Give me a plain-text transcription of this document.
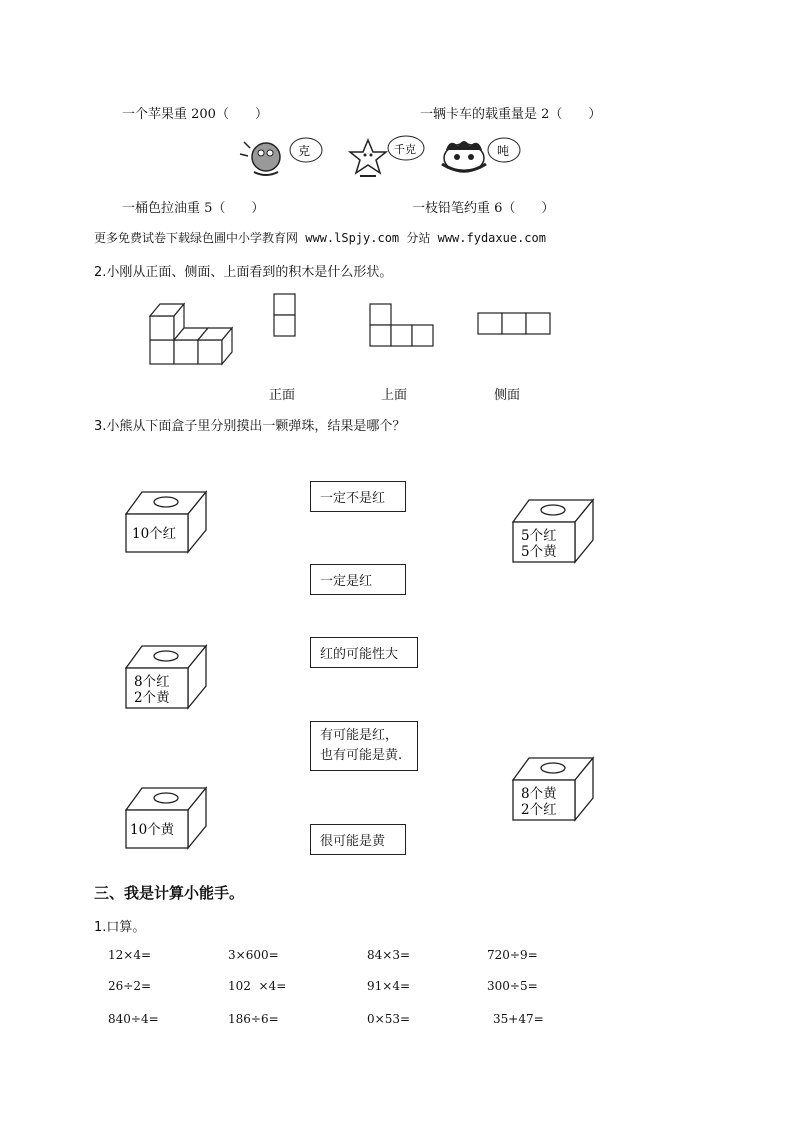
一个苹果重 200（　　）	一辆卡车的载重量是 2（　　）
克	千克	吨
一桶色拉油重 5（　　）	一枝铅笔约重 6（　　）
更多免费试卷下载绿色圃中小学教育网 www.lSpjy.com 分站 www.fydaxue.com
2.小刚从正面、侧面、上面看到的积木是什么形状。
正面	上面	侧面
3.小熊从下面盒子里分别摸出一颗弹珠，结果是哪个？
10个红	5个红
5个黄
8个红
2个黄
8个黄
2个红
10个黄
一定不是红
一定是红
红的可能性大
有可能是红，
也有可能是黄.
很可能是黄
三、我是计算小能手。
1.口算。
12×4=	3×600=	84×3=	720÷9=
26÷2=	102  ×4=	91×4=	300÷5=
840÷4=	186÷6=	0×53=	35+47=
